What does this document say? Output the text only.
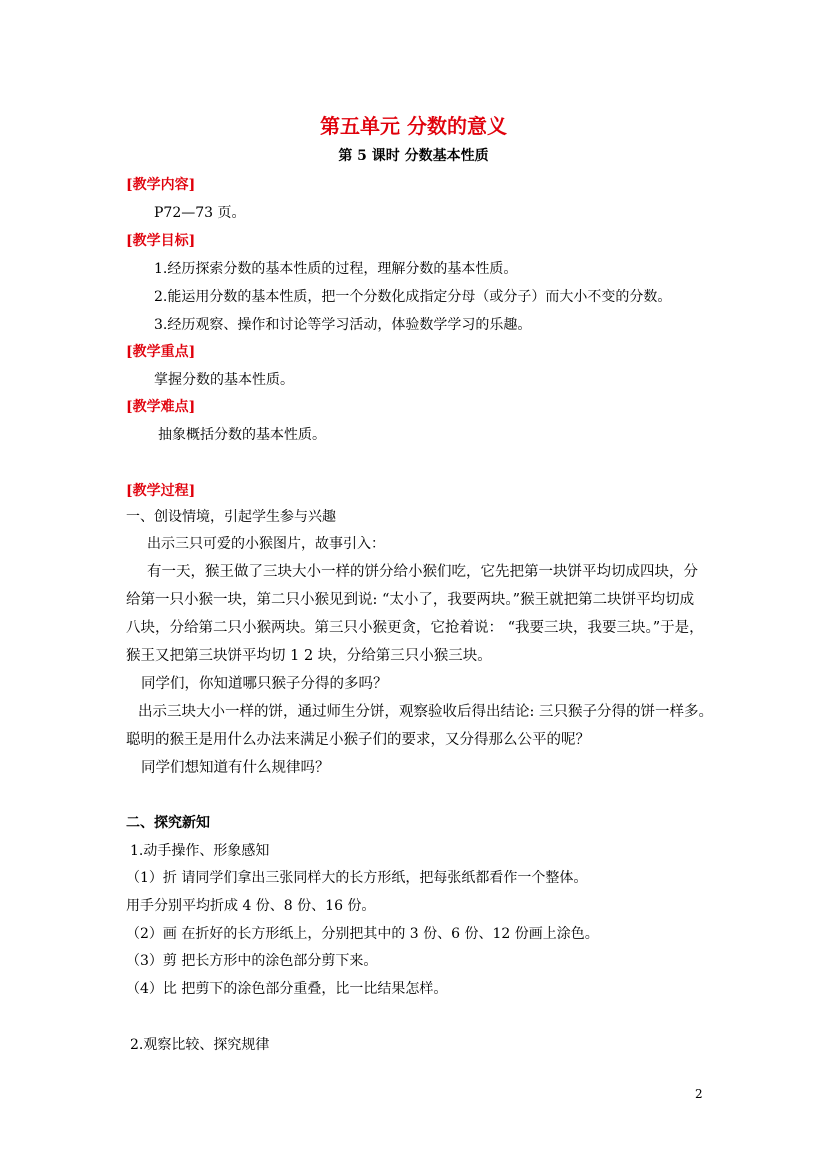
第五单元 分数的意义
第 5 课时 分数基本性质
[教学内容]
P72—73 页。
[教学目标]
1.经历探索分数的基本性质的过程，理解分数的基本性质。
2.能运用分数的基本性质，把一个分数化成指定分母（或分子）而大小不变的分数。
3.经历观察、操作和讨论等学习活动，体验数学学习的乐趣。
[教学重点]
掌握分数的基本性质。
[教学难点]
抽象概括分数的基本性质。
[教学过程]
一、创设情境，引起学生参与兴趣
出示三只可爱的小猴图片，故事引入：
有一天，猴王做了三块大小一样的饼分给小猴们吃，它先把第一块饼平均切成四块，分
给第一只小猴一块，第二只小猴见到说: “太小了，我要两块。”猴王就把第二块饼平均切成
八块，分给第二只小猴两块。第三只小猴更贪，它抢着说： “我要三块，我要三块。”于是，
猴王又把第三块饼平均切 1 2 块，分给第三只小猴三块。
同学们，你知道哪只猴子分得的多吗？
出示三块大小一样的饼，通过师生分饼，观察验收后得出结论: 三只猴子分得的饼一样多。
聪明的猴王是用什么办法来满足小猴子们的要求，又分得那么公平的呢？
同学们想知道有什么规律吗？
二、探究新知
1.动手操作、形象感知
（1）折 请同学们拿出三张同样大的长方形纸，把每张纸都看作一个整体。
用手分别平均折成 4 份、8 份、16 份。
（2）画 在折好的长方形纸上，分别把其中的 3 份、6 份、12 份画上涂色。
（3）剪 把长方形中的涂色部分剪下来。
（4）比 把剪下的涂色部分重叠，比一比结果怎样。
2.观察比较、探究规律
2
